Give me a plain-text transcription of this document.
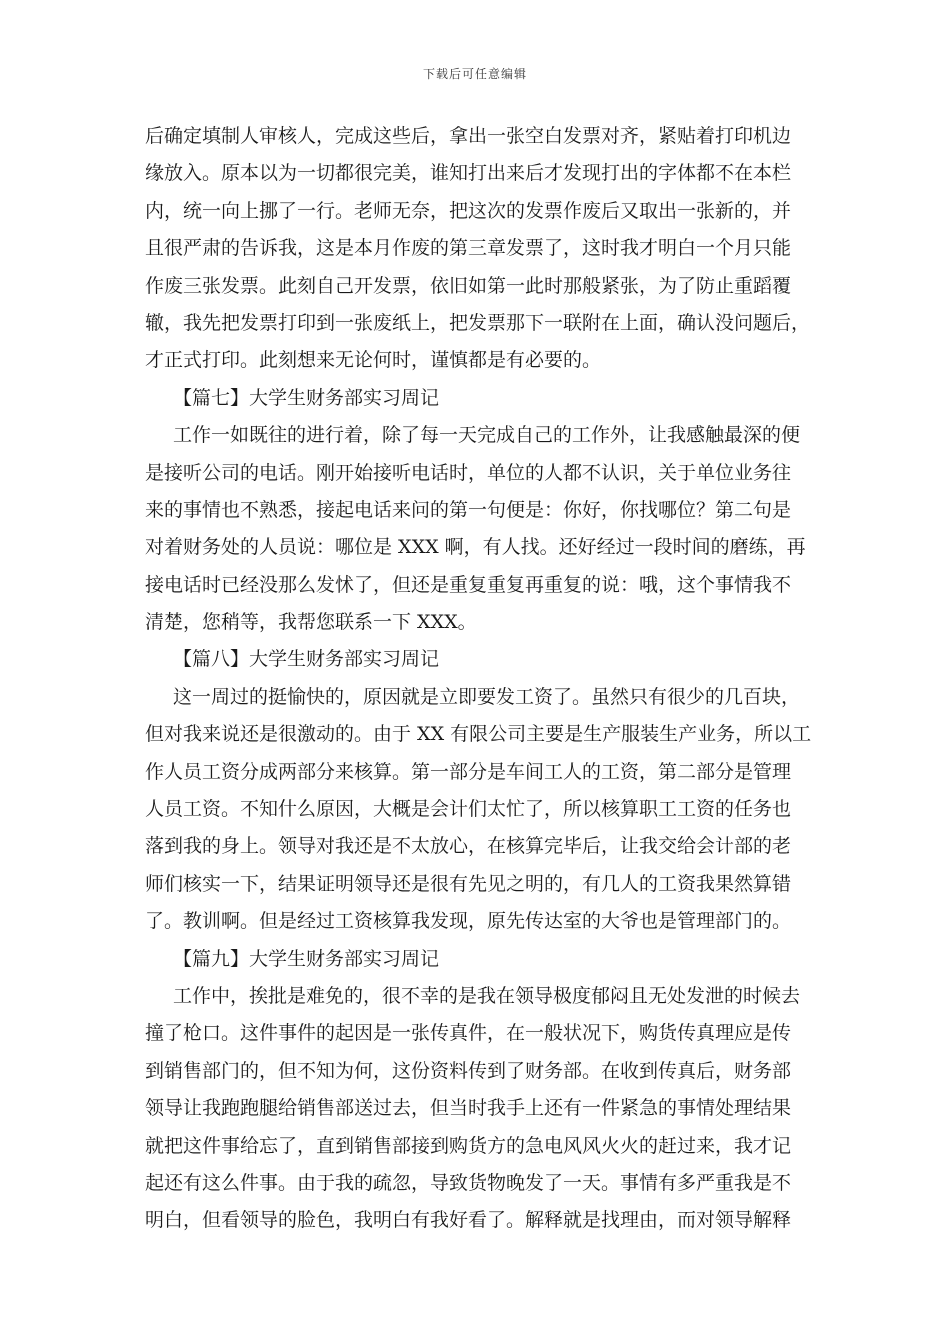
下载后可任意编辑
后确定填制人审核人，完成这些后，拿出一张空白发票对齐，紧贴着打印机边
缘放入。原本以为一切都很完美，谁知打出来后才发现打出的字体都不在本栏
内，统一向上挪了一行。老师无奈，把这次的发票作废后又取出一张新的，并
且很严肃的告诉我，这是本月作废的第三章发票了，这时我才明白一个月只能
作废三张发票。此刻自己开发票，依旧如第一此时那般紧张，为了防止重蹈覆
辙，我先把发票打印到一张废纸上，把发票那下一联附在上面，确认没问题后，
才正式打印。此刻想来无论何时，谨慎都是有必要的。
【篇七】大学生财务部实习周记
工作一如既往的进行着，除了每一天完成自己的工作外，让我感触最深的便
是接听公司的电话。刚开始接听电话时，单位的人都不认识，关于单位业务往
来的事情也不熟悉，接起电话来问的第一句便是：你好，你找哪位？第二句是
对着财务处的人员说：哪位是 XXX 啊，有人找。还好经过一段时间的磨练，再
接电话时已经没那么发怵了，但还是重复重复再重复的说：哦，这个事情我不
清楚，您稍等，我帮您联系一下 XXX。
【篇八】大学生财务部实习周记
这一周过的挺愉快的，原因就是立即要发工资了。虽然只有很少的几百块，
但对我来说还是很激动的。由于 XX 有限公司主要是生产服装生产业务，所以工
作人员工资分成两部分来核算。第一部分是车间工人的工资，第二部分是管理
人员工资。不知什么原因，大概是会计们太忙了，所以核算职工工资的任务也
落到我的身上。领导对我还是不太放心，在核算完毕后，让我交给会计部的老
师们核实一下，结果证明领导还是很有先见之明的，有几人的工资我果然算错
了。教训啊。但是经过工资核算我发现，原先传达室的大爷也是管理部门的。
【篇九】大学生财务部实习周记
工作中，挨批是难免的，很不幸的是我在领导极度郁闷且无处发泄的时候去
撞了枪口。这件事件的起因是一张传真件，在一般状况下，购货传真理应是传
到销售部门的，但不知为何，这份资料传到了财务部。在收到传真后，财务部
领导让我跑跑腿给销售部送过去，但当时我手上还有一件紧急的事情处理结果
就把这件事给忘了，直到销售部接到购货方的急电风风火火的赶过来，我才记
起还有这么件事。由于我的疏忽，导致货物晚发了一天。事情有多严重我是不
明白，但看领导的脸色，我明白有我好看了。解释就是找理由，而对领导解释
